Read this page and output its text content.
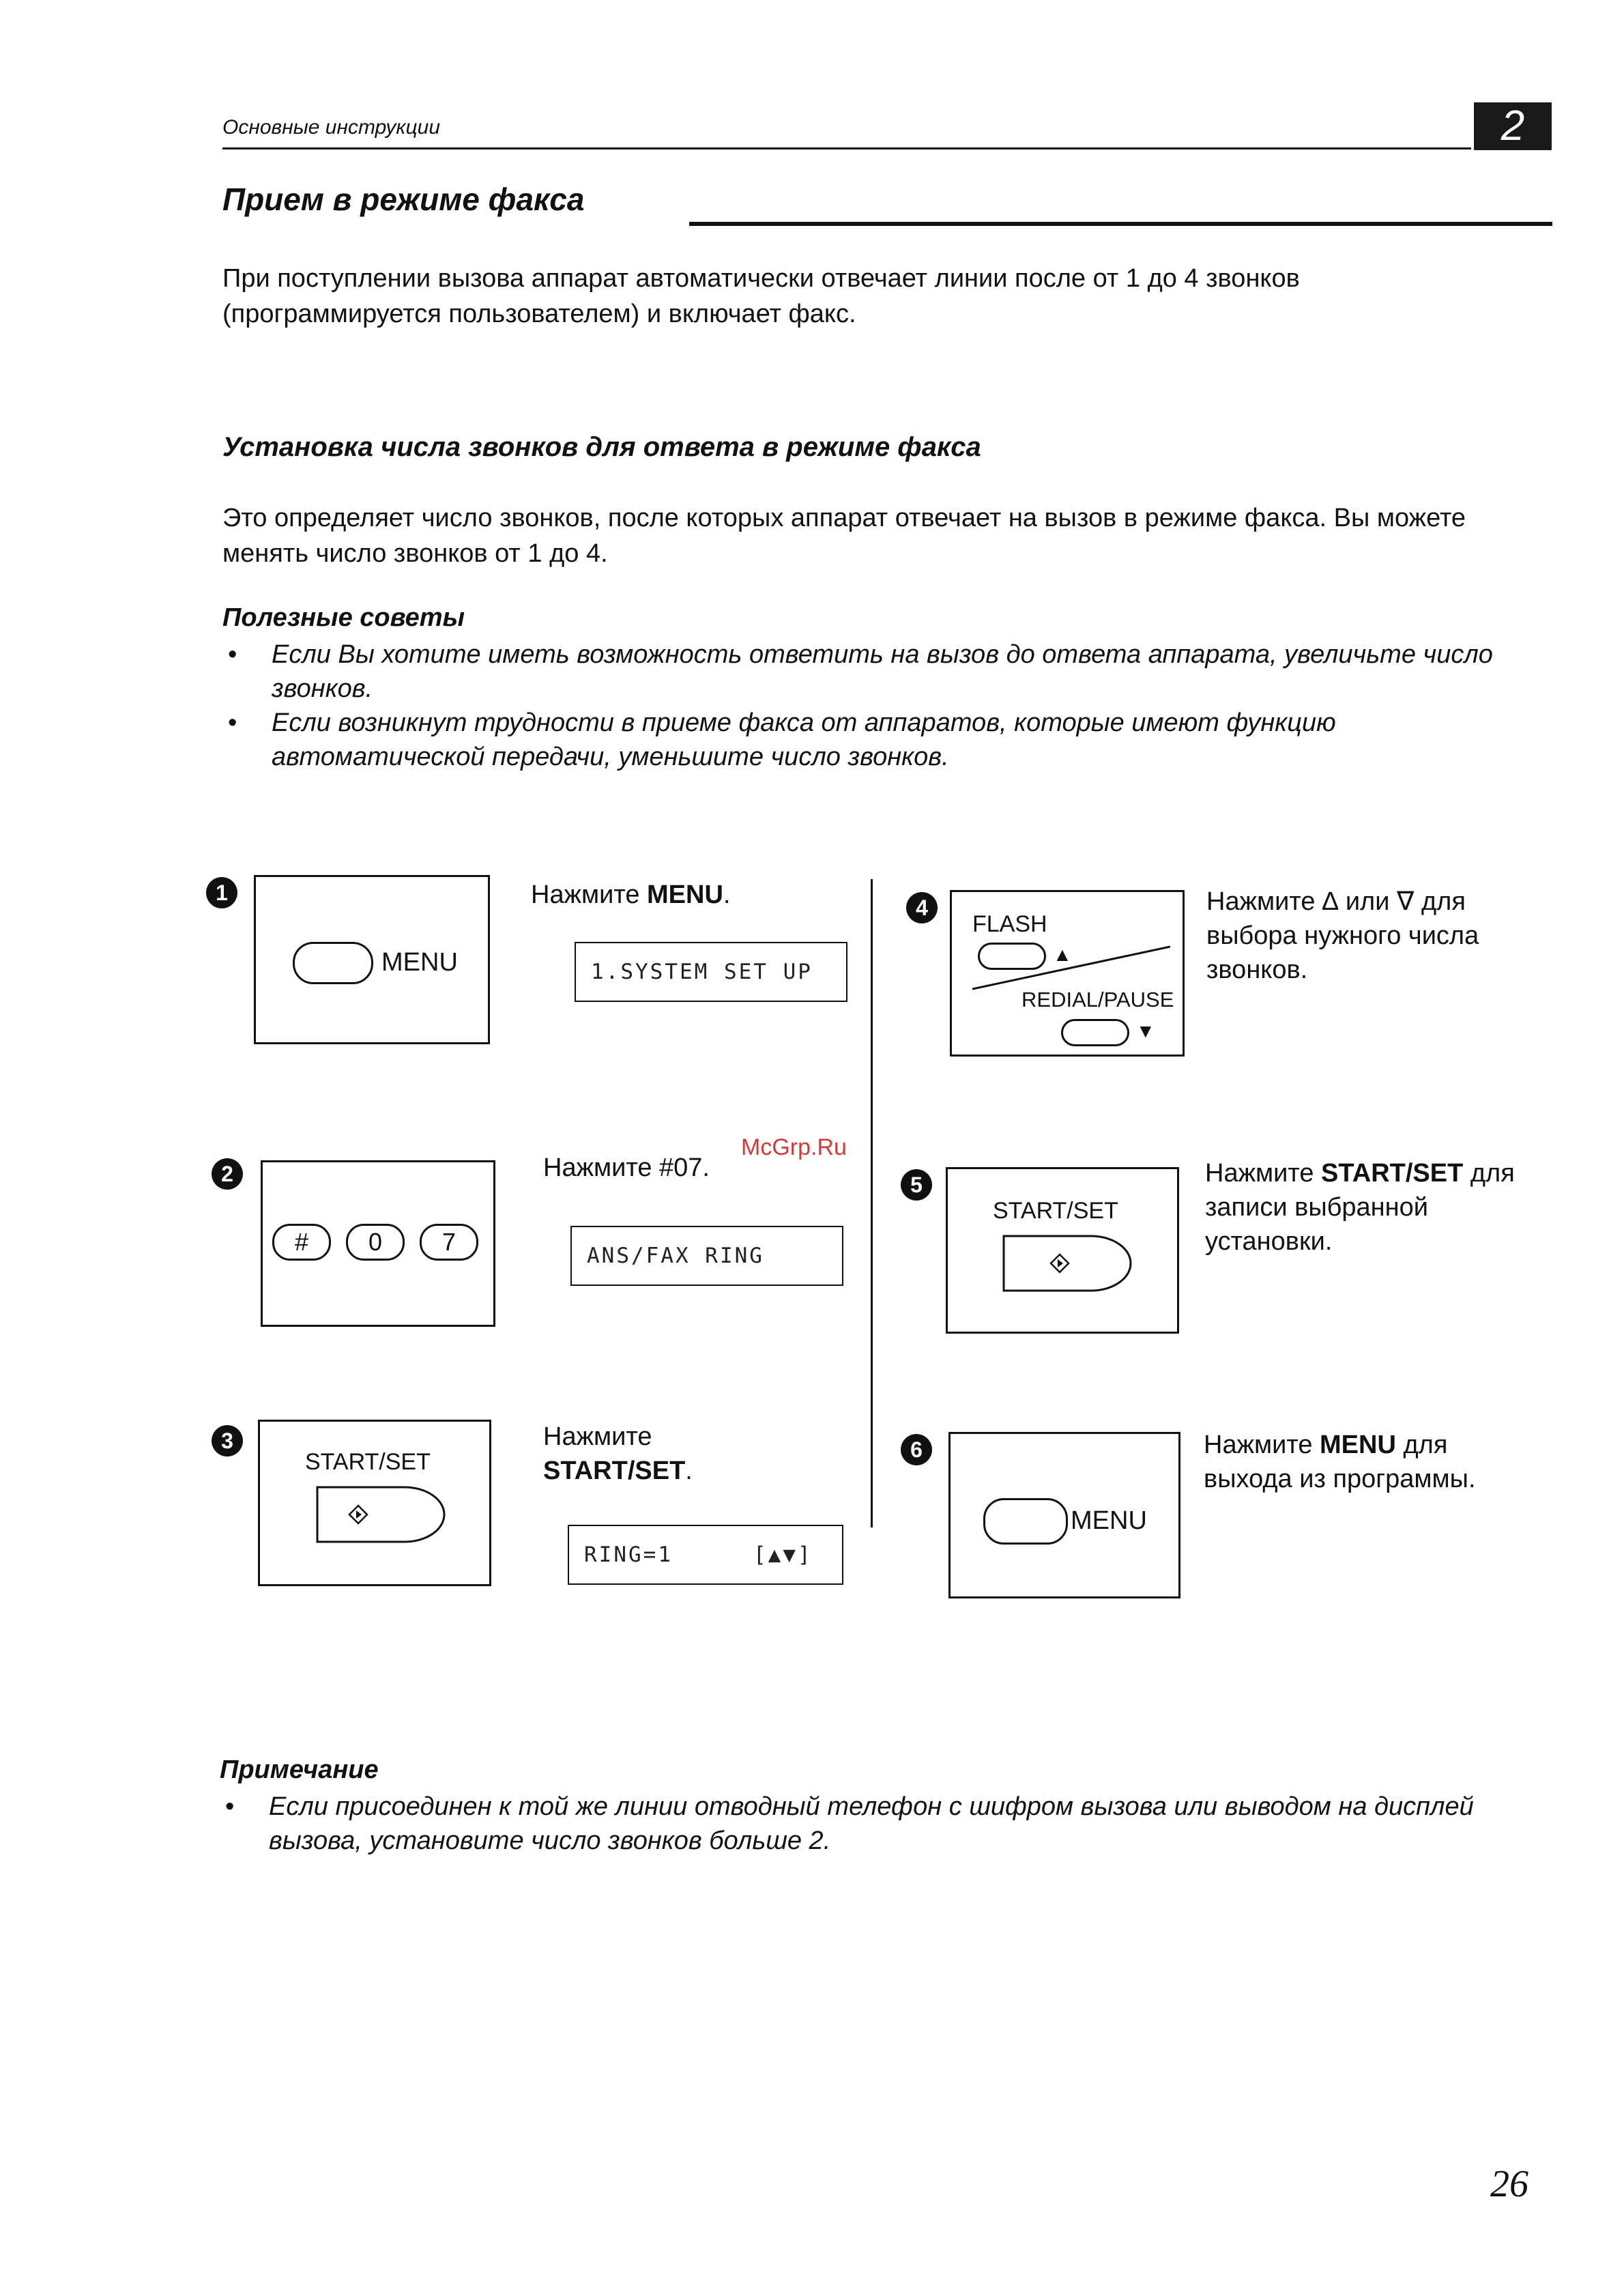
Основные инструкции	2
Прием в режиме факса
При поступлении вызова аппарат автоматически отвечает линии после от 1 до 4 звонков (программируется пользователем) и включает факс.
Установка числа звонков для ответа в режиме факса
Это определяет число звонков, после которых аппарат отвечает на вызов в режиме факса. Вы можете менять число звонков от 1 до 4.
Полезные советы
• Если Вы хотите иметь возможность ответить на вызов до ответа аппарата, увеличьте число звонков.
• Если возникнут трудности в приеме факса от аппаратов, которые имеют функцию автоматической передачи, уменьшите число звонков.
1
MENU
Нажмите MENU.
1.SYSTEM SET UP
2
#	0	7
Нажмите #07.
ANS/FAX RING
3
START/SET
Нажмите
START/SET.
RING=1	[▲▼]
4
FLASH
▲
REDIAL/PAUSE
▼
Нажмите ∆ или ∇ для выбора нужного числа звонков.
5
START/SET
Нажмите START/SET для записи выбранной установки.
6
MENU
Нажмите MENU для выхода из программы.
McGrp.Ru
Примечание
• Если присоединен к той же линии отводный телефон с шифром вызова или выводом на дисплей вызова, установите число звонков больше 2.
26
